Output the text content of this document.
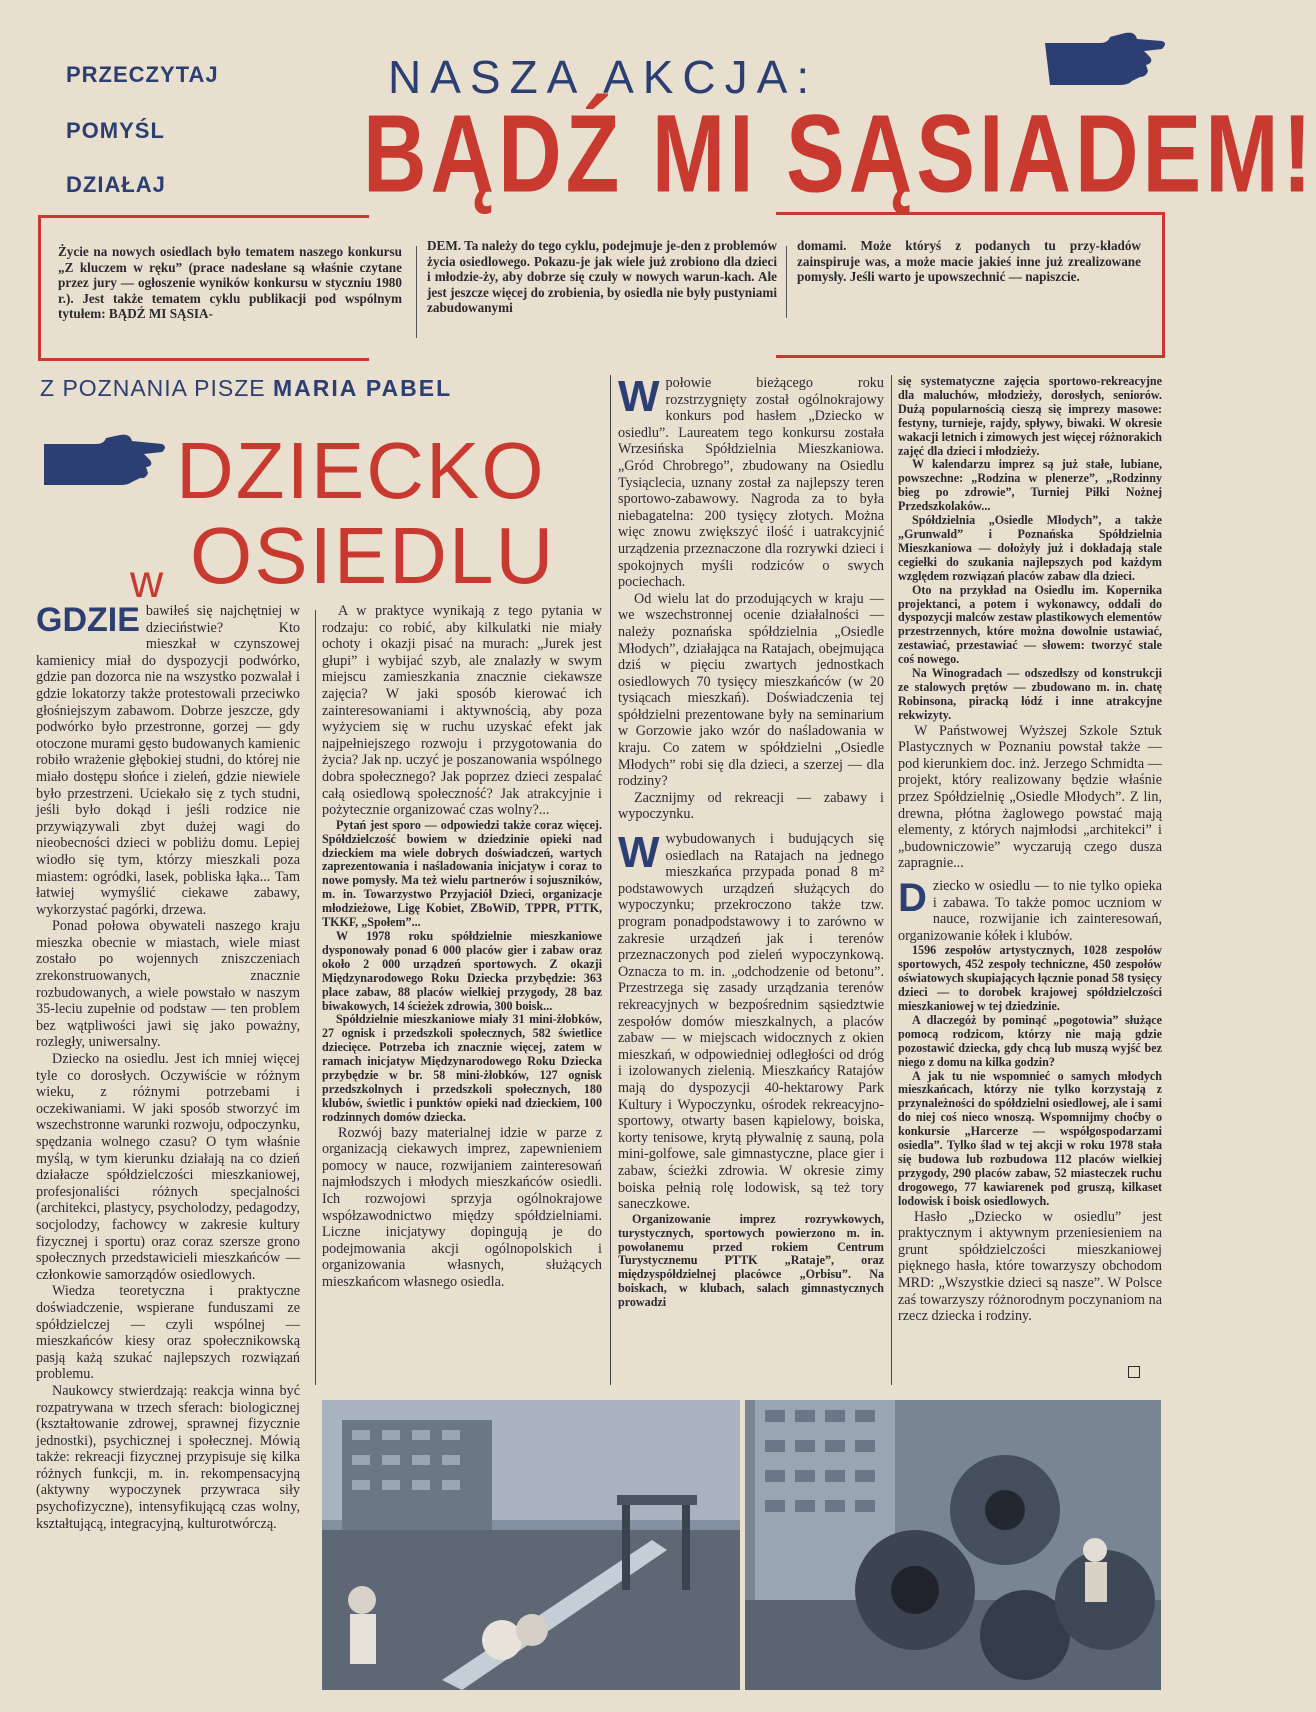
PRZECZYTAJ
POMYŚL
DZIAŁAJ
NASZA AKCJA:
BĄDŹ MI SĄSIADEM!
Życie na nowych osiedlach było tematem naszego konkursu „Z kluczem w ręku” (prace nadesłane są właśnie czytane przez jury — ogłoszenie wyników konkursu w styczniu 1980 r.). Jest także tematem cyklu publikacji pod wspólnym tytułem: BĄDŹ MI SĄSIA-
DEM. Ta należy do tego cyklu, podejmuje je-den z problemów życia osiedlowego. Pokazu-je jak wiele już zrobiono dla dzieci i młodzie-ży, aby dobrze się czuły w nowych warun-kach. Ale jest jeszcze więcej do zrobienia, by osiedla nie były pustyniami zabudowanymi
domami. Może któryś z podanych tu przy-kładów zainspiruje was, a może macie jakieś inne już zrealizowane pomysły. Jeśli warto je upowszechnić — napiszcie.
Z POZNANIA PISZE MARIA PABEL
DZIECKO
w OSIEDLU

GDZIE bawiłeś się najchętniej w dzieciństwie? Kto mieszkał w czynszowej kamienicy miał do dyspozycji podwórko, gdzie pan dozorca nie na wszystko pozwalał i gdzie lokatorzy także protestowali przeciwko głośniejszym zabawom. Dobrze jeszcze, gdy podwórko było przestronne, gorzej — gdy otoczone murami gęsto budowanych kamienic robiło wrażenie głębokiej studni, do której nie miało dostępu słońce i zieleń, gdzie niewiele było przestrzeni. Uciekało się z tych studni, jeśli było dokąd i jeśli rodzice nie przywiązywali zbyt dużej wagi do nieobecności dzieci w pobliżu domu. Lepiej wiodło się tym, którzy mieszkali poza miastem: ogródki, lasek, pobliska łąka... Tam łatwiej wymyślić ciekawe zabawy, wykorzystać pagórki, drzewa.

Ponad połowa obywateli naszego kraju mieszka obecnie w miastach, wiele miast zostało po wojennych zniszczeniach zrekonstruowanych, znacznie rozbudowanych, a wiele powstało w naszym 35-leciu zupełnie od podstaw — ten problem bez wątpliwości jawi się jako poważny, rozległy, uniwersalny.

Dziecko na osiedlu. Jest ich mniej więcej tyle co dorosłych. Oczywiście w różnym wieku, z różnymi potrzebami i oczekiwaniami. W jaki sposób stworzyć im wszechstronne warunki rozwoju, odpoczynku, spędzania wolnego czasu? O tym właśnie myślą, w tym kierunku działają na co dzień działacze spółdzielczości mieszkaniowej, profesjonaliści różnych specjalności (architekci, plastycy, psycholodzy, pedagodzy, socjolodzy, fachowcy w zakresie kultury fizycznej i sportu) oraz coraz szersze grono społecznych przedstawicieli mieszkańców — członkowie samorządów osiedlowych.

Wiedza teoretyczna i praktyczne doświadczenie, wspierane funduszami ze spółdzielczej — czyli wspólnej — mieszkańców kiesy oraz społecznikowską pasją każą szukać najlepszych rozwiązań problemu.

Naukowcy stwierdzają: reakcja winna być rozpatrywana w trzech sferach: biologicznej (kształtowanie zdrowej, sprawnej fizycznie jednostki), psychicznej i społecznej. Mówią także: rekreacji fizycznej przypisuje się kilka różnych funkcji, m. in. rekompensacyjną (aktywny wypoczynek przywraca siły psychofizyczne), intensyfikującą czas wolny, kształtującą, integracyjną, kulturotwórczą.

A w praktyce wynikają z tego pytania w rodzaju: co robić, aby kilkulatki nie miały ochoty i okazji pisać na murach: „Jurek jest głupi” i wybijać szyb, ale znalazły w swym miejscu zamieszkania znacznie ciekawsze zajęcia? W jaki sposób kierować ich zainteresowaniami i aktywnością, aby poza wyżyciem się w ruchu uzyskać efekt jak najpełniejszego rozwoju i przygotowania do życia? Jak np. uczyć je poszanowania wspólnego dobra społecznego? Jak poprzez dzieci zespalać całą osiedlową społeczność? Jak atrakcyjnie i pożytecznie organizować czas wolny?...

Pytań jest sporo — odpowiedzi także coraz więcej. Spółdzielczość bowiem w dziedzinie opieki nad dzieckiem ma wiele dobrych doświadczeń, wartych zaprezentowania i naśladowania inicjatyw i coraz to nowe pomysły. Ma też wielu partnerów i sojuszników, m. in. Towarzystwo Przyjaciół Dzieci, organizacje młodzieżowe, Ligę Kobiet, ZBoWiD, TPPR, PTTK, TKKF, „Społem”...

W 1978 roku spółdzielnie mieszkaniowe dysponowały ponad 6 000 placów gier i zabaw oraz około 2 000 urządzeń sportowych. Z okazji Międzynarodowego Roku Dziecka przybędzie: 363 place zabaw, 88 placów wielkiej przygody, 28 baz biwakowych, 14 ścieżek zdrowia, 300 boisk...

Spółdzielnie mieszkaniowe miały 31 mini-żłobków, 27 ognisk i przedszkoli społecznych, 582 świetlice dziecięce. Potrzeba ich znacznie więcej, zatem w ramach inicjatyw Międzynarodowego Roku Dziecka przybędzie w br. 58 mini-żłobków, 127 ognisk przedszkolnych i przedszkoli społecznych, 180 klubów, świetlic i punktów opieki nad dzieckiem, 100 rodzinnych domów dziecka.

Rozwój bazy materialnej idzie w parze z organizacją ciekawych imprez, zapewnieniem pomocy w nauce, rozwijaniem zainteresowań najmłodszych i młodych mieszkańców osiedli. Ich rozwojowi sprzyja ogólnokrajowe współzawodnictwo między spółdzielniami. Liczne inicjatywy dopingują je do podejmowania akcji ogólnopolskich i organizowania własnych, służących mieszkańcom własnego osiedla.

Wpołowie bieżącego roku rozstrzygnięty został ogólnokrajowy konkurs pod hasłem „Dziecko w osiedlu”. Laureatem tego konkursu została Wrzesińska Spółdzielnia Mieszkaniowa. „Gród Chrobrego”, zbudowany na Osiedlu Tysiąclecia, uznany został za najlepszy teren sportowo-zabawowy. Nagroda za to była niebagatelna: 200 tysięcy złotych. Można więc znowu zwiększyć ilość i uatrakcyjnić urządzenia przeznaczone dla rozrywki dzieci i spokojnych myśli rodziców o swych pociechach.

Od wielu lat do przodujących w kraju — we wszechstronnej ocenie działalności — należy poznańska spółdzielnia „Osiedle Młodych”, działająca na Ratajach, obejmująca dziś w pięciu zwartych jednostkach osiedlowych 70 tysięcy mieszkańców (w 20 tysiącach mieszkań). Doświadczenia tej spółdzielni prezentowane były na seminarium w Gorzowie jako wzór do naśladowania w kraju. Co zatem w spółdzielni „Osiedle Młodych” robi się dla dzieci, a szerzej — dla rodziny?

Zacznijmy od rekreacji — zabawy i wypoczynku.

Wwybudowanych i budujących się osiedlach na Ratajach na jednego mieszkańca przypada ponad 8 m² podstawowych urządzeń służących do wypoczynku; przekroczono także tzw. program ponadpodstawowy i to zarówno w zakresie urządzeń jak i terenów przeznaczonych pod zieleń wypoczynkową. Oznacza to m. in. „odchodzenie od betonu”. Przestrzega się zasady urządzania terenów rekreacyjnych w bezpośrednim sąsiedztwie zespołów domów mieszkalnych, a placów zabaw — w miejscach widocznych z okien mieszkań, w odpowiedniej odległości od dróg i izolowanych zielenią. Mieszkańcy Ratajów mają do dyspozycji 40-hektarowy Park Kultury i Wypoczynku, ośrodek rekreacyjno-sportowy, otwarty basen kąpielowy, boiska, korty tenisowe, krytą pływalnię z sauną, pola mini-golfowe, sale gimnastyczne, place gier i zabaw, ścieżki zdrowia. W okresie zimy boiska pełnią rolę lodowisk, są też tory saneczkowe.

Organizowanie imprez rozrywkowych, turystycznych, sportowych powierzono m. in. powołanemu przed rokiem Centrum Turystycznemu PTTK „Rataje”, oraz międzyspółdzielnej placówce „Orbisu”. Na boiskach, w klubach, salach gimnastycznych prowadzi

się systematyczne zajęcia sportowo-rekreacyjne dla maluchów, młodzieży, dorosłych, seniorów. Dużą popularnością cieszą się imprezy masowe: festyny, turnieje, rajdy, spływy, biwaki. W okresie wakacji letnich i zimowych jest więcej różnorakich zajęć dla dzieci i młodzieży.

W kalendarzu imprez są już stałe, lubiane, powszechne: „Rodzina w plenerze”, „Rodzinny bieg po zdrowie”, Turniej Piłki Nożnej Przedszkolaków...

Spółdzielnia „Osiedle Młodych”, a także „Grunwald” i Poznańska Spółdzielnia Mieszkaniowa — dołożyły już i dokładają stale cegiełki do szukania najlepszych pod każdym względem rozwiązań placów zabaw dla dzieci.

Oto na przykład na Osiedlu im. Kopernika projektanci, a potem i wykonawcy, oddali do dyspozycji malców zestaw plastikowych elementów przestrzennych, które można dowolnie ustawiać, zestawiać, przestawiać — słowem: tworzyć stale coś nowego.

Na Winogradach — odszedłszy od konstrukcji ze stalowych prętów — zbudowano m. in. chatę Robinsona, piracką łódź i inne atrakcyjne rekwizyty.

W Państwowej Wyższej Szkole Sztuk Plastycznych w Poznaniu powstał także — pod kierunkiem doc. inż. Jerzego Schmidta — projekt, który realizowany będzie właśnie przez Spółdzielnię „Osiedle Młodych”. Z lin, drewna, płótna żaglowego powstać mają elementy, z których najmłodsi „architekci” i „budowniczowie” wyczarują czego dusza zapragnie...

Dziecko w osiedlu — to nie tylko opieka i zabawa. To także pomoc uczniom w nauce, rozwijanie ich zainteresowań, organizowanie kółek i klubów.

1596 zespołów artystycznych, 1028 zespołów sportowych, 452 zespoły techniczne, 450 zespołów oświatowych skupiających łącznie ponad 58 tysięcy dzieci — to dorobek krajowej spółdzielczości mieszkaniowej w tej dziedzinie.

A dlaczegóż by pominąć „pogotowia” służące pomocą rodzicom, którzy nie mają gdzie pozostawić dziecka, gdy chcą lub muszą wyjść bez niego z domu na kilka godzin?

A jak tu nie wspomnieć o samych młodych mieszkańcach, którzy nie tylko korzystają z przynależności do spółdzielni osiedlowej, ale i sami do niej coś nieco wnoszą. Wspomnijmy choćby o konkursie „Harcerze — współgospodarzami osiedla”. Tylko ślad w tej akcji w roku 1978 stała się budowa lub rozbudowa 112 placów wielkiej przygody, 290 placów zabaw, 52 miasteczek ruchu drogowego, 77 kawiarenek pod gruszą, kilkaset lodowisk i boisk osiedlowych.

Hasło „Dziecko w osiedlu” jest praktycznym i aktywnym przeniesieniem na grunt spółdzielczości mieszkaniowej pięknego hasła, które towarzyszy obchodom MRD: „Wszystkie dzieci są nasze”. W Polsce zaś towarzyszy różnorodnym poczynaniom na rzecz dziecka i rodziny.
